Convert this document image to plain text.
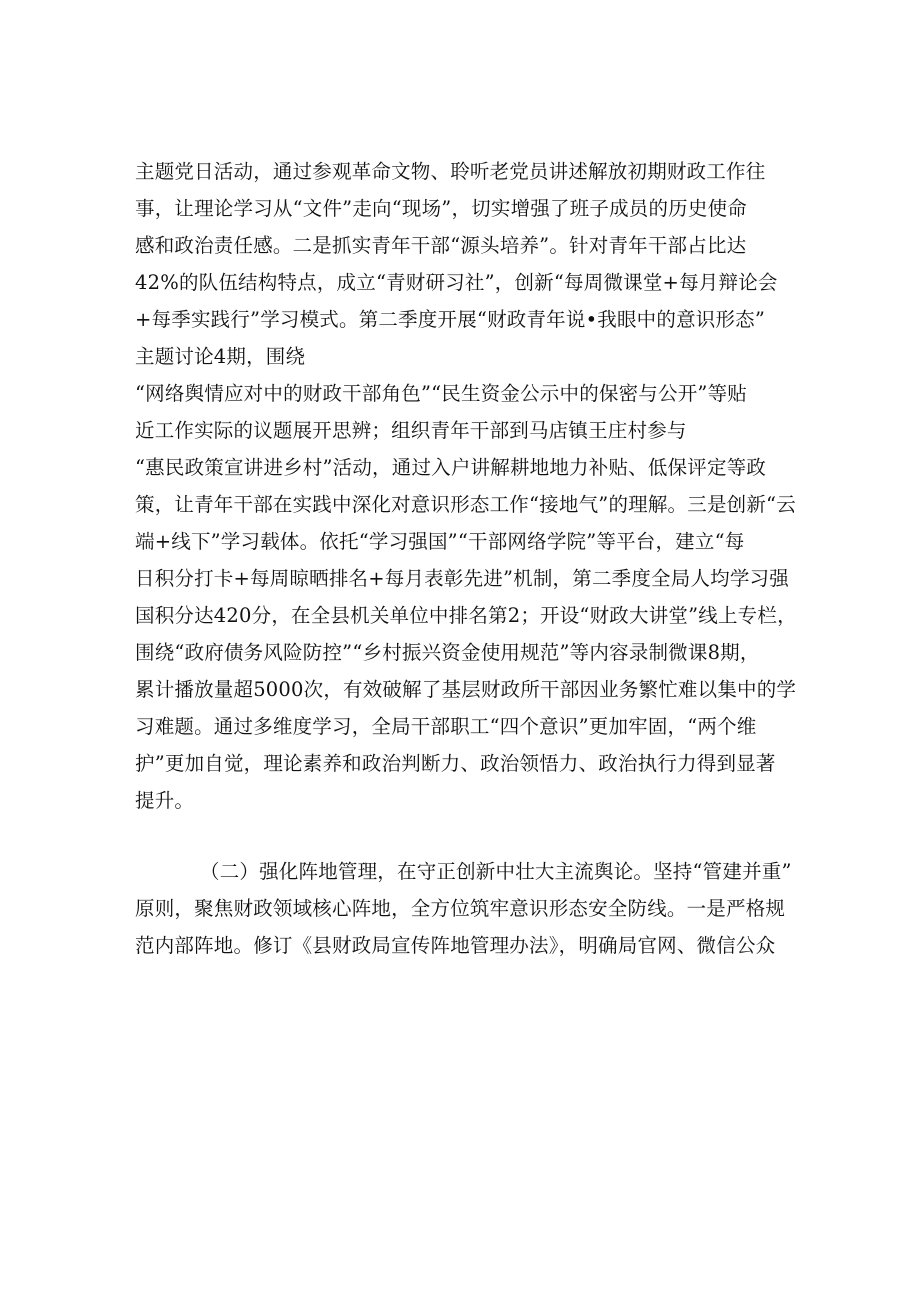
主题党日活动，通过参观革命文物、聆听老党员讲述解放初期财政工作往
事，让理论学习从“文件”走向“现场”，切实增强了班子成员的历史使命
感和政治责任感。二是抓实青年干部“源头培养”。针对青年干部占比达
42%的队伍结构特点，成立“青财研习社”，创新“每周微课堂+每月辩论会
+每季实践行”学习模式。第二季度开展“财政青年说•我眼中的意识形态”
主题讨论4期，围绕
“网络舆情应对中的财政干部角色”“民生资金公示中的保密与公开”等贴
近工作实际的议题展开思辨；组织青年干部到马店镇王庄村参与
“惠民政策宣讲进乡村”活动，通过入户讲解耕地地力补贴、低保评定等政
策，让青年干部在实践中深化对意识形态工作“接地气”的理解。三是创新“云
端+线下”学习载体。依托“学习强国”“干部网络学院”等平台，建立“每
日积分打卡+每周晾晒排名+每月表彰先进”机制，第二季度全局人均学习强
国积分达420分，在全县机关单位中排名第2；开设“财政大讲堂”线上专栏，
围绕“政府债务风险防控”“乡村振兴资金使用规范”等内容录制微课8期，
累计播放量超5000次，有效破解了基层财政所干部因业务繁忙难以集中的学
习难题。通过多维度学习，全局干部职工“四个意识”更加牢固，“两个维
护”更加自觉，理论素养和政治判断力、政治领悟力、政治执行力得到显著
提升。
（二）强化阵地管理，在守正创新中壮大主流舆论。坚持“管建并重”
原则，聚焦财政领域核心阵地，全方位筑牢意识形态安全防线。一是严格规
范内部阵地。修订《县财政局宣传阵地管理办法》，明确局官网、微信公众
